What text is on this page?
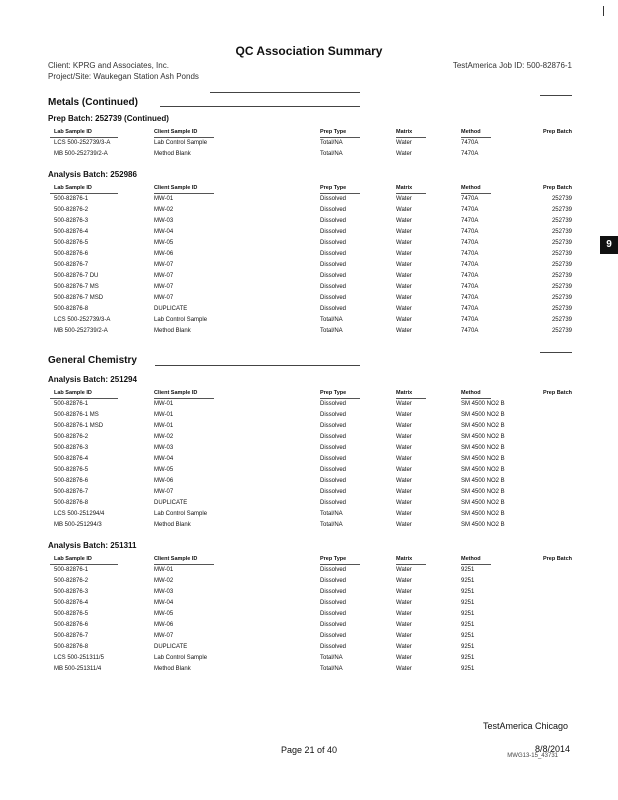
QC Association Summary
Client: KPRG and Associates, Inc.
Project/Site: Waukegan Station Ash Ponds
TestAmerica Job ID: 500-82876-1
Metals (Continued)
Prep Batch: 252739 (Continued)
Lab Sample ID	Client Sample ID	Prep Type	Matrix	Method	Prep Batch
LCS 500-252739/3-A	Lab Control Sample	Total/NA	Water	7470A
MB 500-252739/2-A	Method Blank	Total/NA	Water	7470A
Analysis Batch: 252986
Lab Sample ID	Client Sample ID	Prep Type	Matrix	Method	Prep Batch
500-82876-1	MW-01	Dissolved	Water	7470A	252739
500-82876-2	MW-02	Dissolved	Water	7470A	252739
500-82876-3	MW-03	Dissolved	Water	7470A	252739
500-82876-4	MW-04	Dissolved	Water	7470A	252739
500-82876-5	MW-05	Dissolved	Water	7470A	252739
500-82876-6	MW-06	Dissolved	Water	7470A	252739
500-82876-7	MW-07	Dissolved	Water	7470A	252739
500-82876-7 DU	MW-07	Dissolved	Water	7470A	252739
500-82876-7 MS	MW-07	Dissolved	Water	7470A	252739
500-82876-7 MSD	MW-07	Dissolved	Water	7470A	252739
500-82876-8	DUPLICATE	Dissolved	Water	7470A	252739
LCS 500-252739/3-A	Lab Control Sample	Total/NA	Water	7470A	252739
MB 500-252739/2-A	Method Blank	Total/NA	Water	7470A	252739
9
General Chemistry
Analysis Batch: 251294
Lab Sample ID	Client Sample ID	Prep Type	Matrix	Method	Prep Batch
500-82876-1	MW-01	Dissolved	Water	SM 4500 NO2 B
500-82876-1 MS	MW-01	Dissolved	Water	SM 4500 NO2 B
500-82876-1 MSD	MW-01	Dissolved	Water	SM 4500 NO2 B
500-82876-2	MW-02	Dissolved	Water	SM 4500 NO2 B
500-82876-3	MW-03	Dissolved	Water	SM 4500 NO2 B
500-82876-4	MW-04	Dissolved	Water	SM 4500 NO2 B
500-82876-5	MW-05	Dissolved	Water	SM 4500 NO2 B
500-82876-6	MW-06	Dissolved	Water	SM 4500 NO2 B
500-82876-7	MW-07	Dissolved	Water	SM 4500 NO2 B
500-82876-8	DUPLICATE	Dissolved	Water	SM 4500 NO2 B
LCS 500-251294/4	Lab Control Sample	Total/NA	Water	SM 4500 NO2 B
MB 500-251294/3	Method Blank	Total/NA	Water	SM 4500 NO2 B
Analysis Batch: 251311
Lab Sample ID	Client Sample ID	Prep Type	Matrix	Method	Prep Batch
500-82876-1	MW-01	Dissolved	Water	9251
500-82876-2	MW-02	Dissolved	Water	9251
500-82876-3	MW-03	Dissolved	Water	9251
500-82876-4	MW-04	Dissolved	Water	9251
500-82876-5	MW-05	Dissolved	Water	9251
500-82876-6	MW-06	Dissolved	Water	9251
500-82876-7	MW-07	Dissolved	Water	9251
500-82876-8	DUPLICATE	Dissolved	Water	9251
LCS 500-251311/5	Lab Control Sample	Total/NA	Water	9251
MB 500-251311/4	Method Blank	Total/NA	Water	9251
TestAmerica Chicago
Page 21 of 40	8/8/2014
MWG13-15_43731
